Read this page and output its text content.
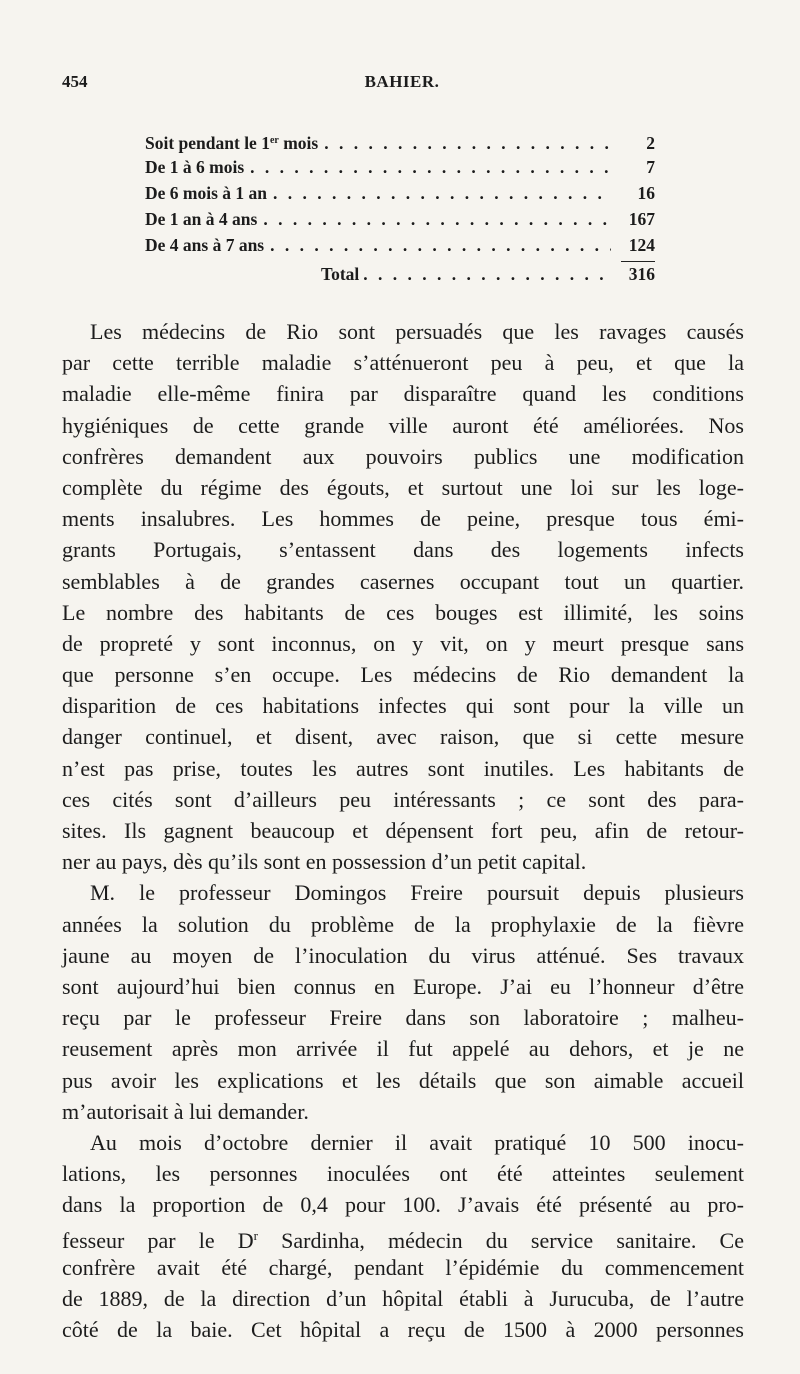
454	BAHIER.
Soit pendant le 1er mois . . .	2
De 1 à 6 mois . . .	7
De 6 mois à 1 an . . .	16
De 1 an à 4 ans . . .	167
De 4 ans à 7 ans . . .	124
Total . . .	316
Les médecins de Rio sont persuadés que les ravages causés
par cette terrible maladie s’atténueront peu à peu, et que la
maladie elle-même finira par disparaître quand les conditions
hygiéniques de cette grande ville auront été améliorées. Nos
confrères demandent aux pouvoirs publics une modification
complète du régime des égouts, et surtout une loi sur les loge-
ments insalubres. Les hommes de peine, presque tous émi-
grants Portugais, s’entassent dans des logements infects
semblables à de grandes casernes occupant tout un quartier.
Le nombre des habitants de ces bouges est illimité, les soins
de propreté y sont inconnus, on y vit, on y meurt presque sans
que personne s’en occupe. Les médecins de Rio demandent la
disparition de ces habitations infectes qui sont pour la ville un
danger continuel, et disent, avec raison, que si cette mesure
n’est pas prise, toutes les autres sont inutiles. Les habitants de
ces cités sont d’ailleurs peu intéressants ; ce sont des para-
sites. Ils gagnent beaucoup et dépensent fort peu, afin de retour-
ner au pays, dès qu’ils sont en possession d’un petit capital.
M. le professeur Domingos Freire poursuit depuis plusieurs
années la solution du problème de la prophylaxie de la fièvre
jaune au moyen de l’inoculation du virus atténué. Ses travaux
sont aujourd’hui bien connus en Europe. J’ai eu l’honneur d’être
reçu par le professeur Freire dans son laboratoire ; malheu-
reusement après mon arrivée il fut appelé au dehors, et je ne
pus avoir les explications et les détails que son aimable accueil
m’autorisait à lui demander.
Au mois d’octobre dernier il avait pratiqué 10 500 inocu-
lations, les personnes inoculées ont été atteintes seulement
dans la proportion de 0,4 pour 100. J’avais été présenté au pro-
fesseur par le $D^r$ Sardinha, médecin du service sanitaire. Ce
confrère avait été chargé, pendant l’épidémie du commencement
de 1889, de la direction d’un hôpital établi à Jurucuba, de l’autre
côté de la baie. Cet hôpital a reçu de 1500 à 2000 personnes
